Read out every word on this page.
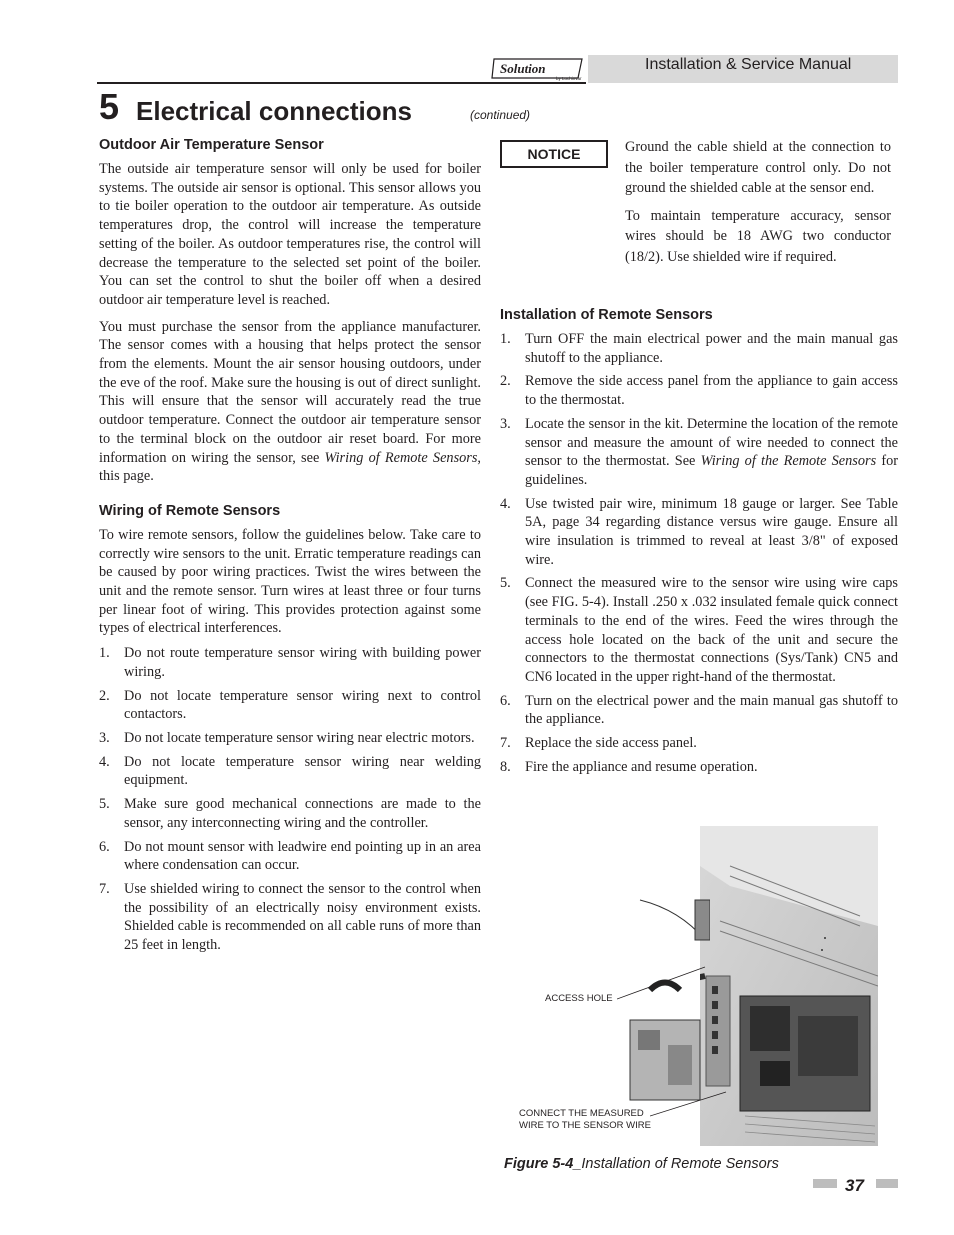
Solution
by Lochinvar
Installation & Service Manual
5 Electrical connections	(continued)
Outdoor Air Temperature Sensor

The outside air temperature sensor will only be used for boiler systems. The outside air sensor is optional. This sensor allows you to tie boiler operation to the outdoor air temperature. As outside temperatures drop, the control will increase the temperature setting of the boiler. As outdoor temperatures rise, the control will decrease the temperature to the selected set point of the boiler. You can set the control to shut the boiler off when a desired outdoor air temperature level is reached.

You must purchase the sensor from the appliance manufacturer. The sensor comes with a housing that helps protect the sensor from the elements. Mount the air sensor housing outdoors, under the eve of the roof. Make sure the housing is out of direct sunlight. This will ensure that the sensor will accurately read the true outdoor temperature. Connect the outdoor air temperature sensor to the terminal block on the outdoor air reset board. For more information on wiring the sensor, see Wiring of Remote Sensors, this page.

Wiring of Remote Sensors

To wire remote sensors, follow the guidelines below. Take care to correctly wire sensors to the unit. Erratic temperature readings can be caused by poor wiring practices. Twist the wires between the unit and the remote sensor. Turn wires at least three or four turns per linear foot of wiring. This provides protection against some types of electrical interferences.

1. Do not route temperature sensor wiring with building power wiring.
2. Do not locate temperature sensor wiring next to control contactors.
3. Do not locate temperature sensor wiring near electric motors.
4. Do not locate temperature sensor wiring near welding equipment.
5. Make sure good mechanical connections are made to the sensor, any interconnecting wiring and the controller.
6. Do not mount sensor with leadwire end pointing up in an area where condensation can occur.
7. Use shielded wiring to connect the sensor to the control when the possibility of an electrically noisy environment exists. Shielded cable is recommended on all cable runs of more than 25 feet in length.
NOTICE	Ground the cable shield at the connection to the boiler temperature control only. Do not ground the shielded cable at the sensor end.

To maintain temperature accuracy, sensor wires should be 18 AWG two conductor (18/2). Use shielded wire if required.

Installation of Remote Sensors
1. Turn OFF the main electrical power and the main manual gas shutoff to the appliance.
2. Remove the side access panel from the appliance to gain access to the thermostat.
3. Locate the sensor in the kit. Determine the location of the remote sensor and measure the amount of wire needed to connect the sensor to the thermostat. See Wiring of the Remote Sensors for guidelines.
4. Use twisted pair wire, minimum 18 gauge or larger. See Table 5A, page 34 regarding distance versus wire gauge. Ensure all wire insulation is trimmed to reveal at least 3/8" of exposed wire.
5. Connect the measured wire to the sensor wire using wire caps (see FIG. 5-4). Install .250 x .032 insulated female quick connect terminals to the end of the wires. Feed the wires through the access hole located on the back of the unit and secure the connectors to the thermostat connections (Sys/Tank) CN5 and CN6 located in the upper right-hand of the thermostat.
6. Turn on the electrical power and the main manual gas shutoff to the appliance.
7. Replace the side access panel.
8. Fire the appliance and resume operation.
ACCESS HOLE
CONNECT THE MEASURED
WIRE TO THE SENSOR WIRE
Figure 5-4_Installation of Remote Sensors
37
